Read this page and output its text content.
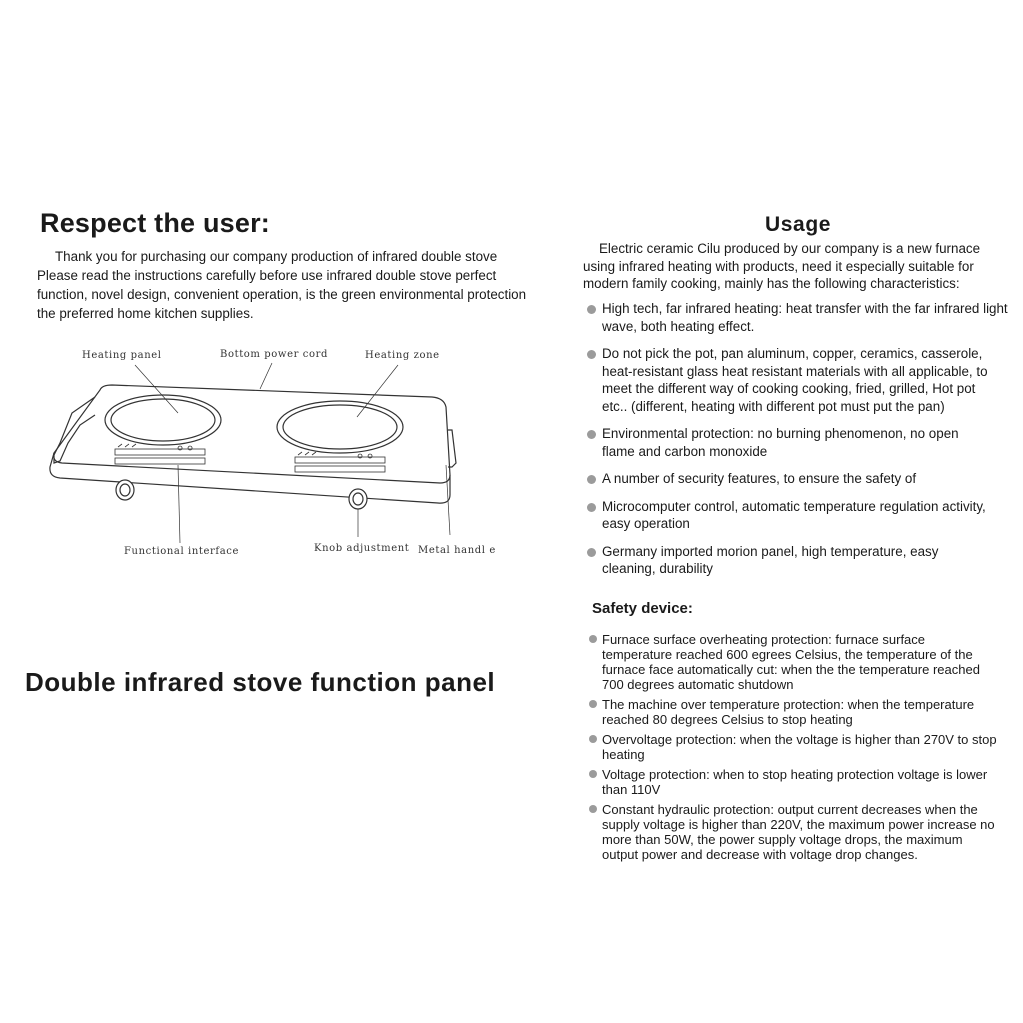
Respect the user:
Thank you for purchasing our company production of infrared double stove
Please read the instructions carefully before use infrared double stove perfect
function, novel design, convenient operation, is the green environmental protection
the preferred home kitchen supplies.
Heating panel	Bottom power cord	Heating zone
Functional interface	Knob adjustment Metal handl e
Double infrared stove function panel
Usage
Electric ceramic Cilu produced by our company is a new furnace
using infrared heating with products, need it especially suitable for
modern family cooking, mainly has the following characteristics:
High tech, far infrared heating: heat transfer with the far infrared light wave, both heating effect.
Do not pick the pot, pan aluminum, copper, ceramics, casserole, heat-resistant glass heat resistant materials with all applicable, to meet the different way of cooking cooking, fried, grilled, Hot pot etc.. (different, heating with different pot must put the pan)
Environmental protection: no burning phenomenon, no open flame and carbon monoxide
A number of security features, to ensure the safety of
Microcomputer control, automatic temperature regulation activity, easy operation
Germany imported morion panel, high temperature, easy cleaning, durability
Safety device:
Furnace surface overheating protection: furnace surface temperature reached 600 egrees Celsius, the temperature of the furnace face automatically cut: when the the temperature reached 700 degrees automatic shutdown
The machine over temperature protection: when the temperature reached 80 degrees Celsius to stop heating
Overvoltage protection: when the voltage is higher than 270V to stop heating
Voltage protection: when to stop heating protection voltage is lower than 110V
Constant hydraulic protection: output current decreases when the supply voltage is higher than 220V, the maximum power increase no more than 50W, the power supply voltage drops, the maximum output power and decrease with voltage drop changes.
